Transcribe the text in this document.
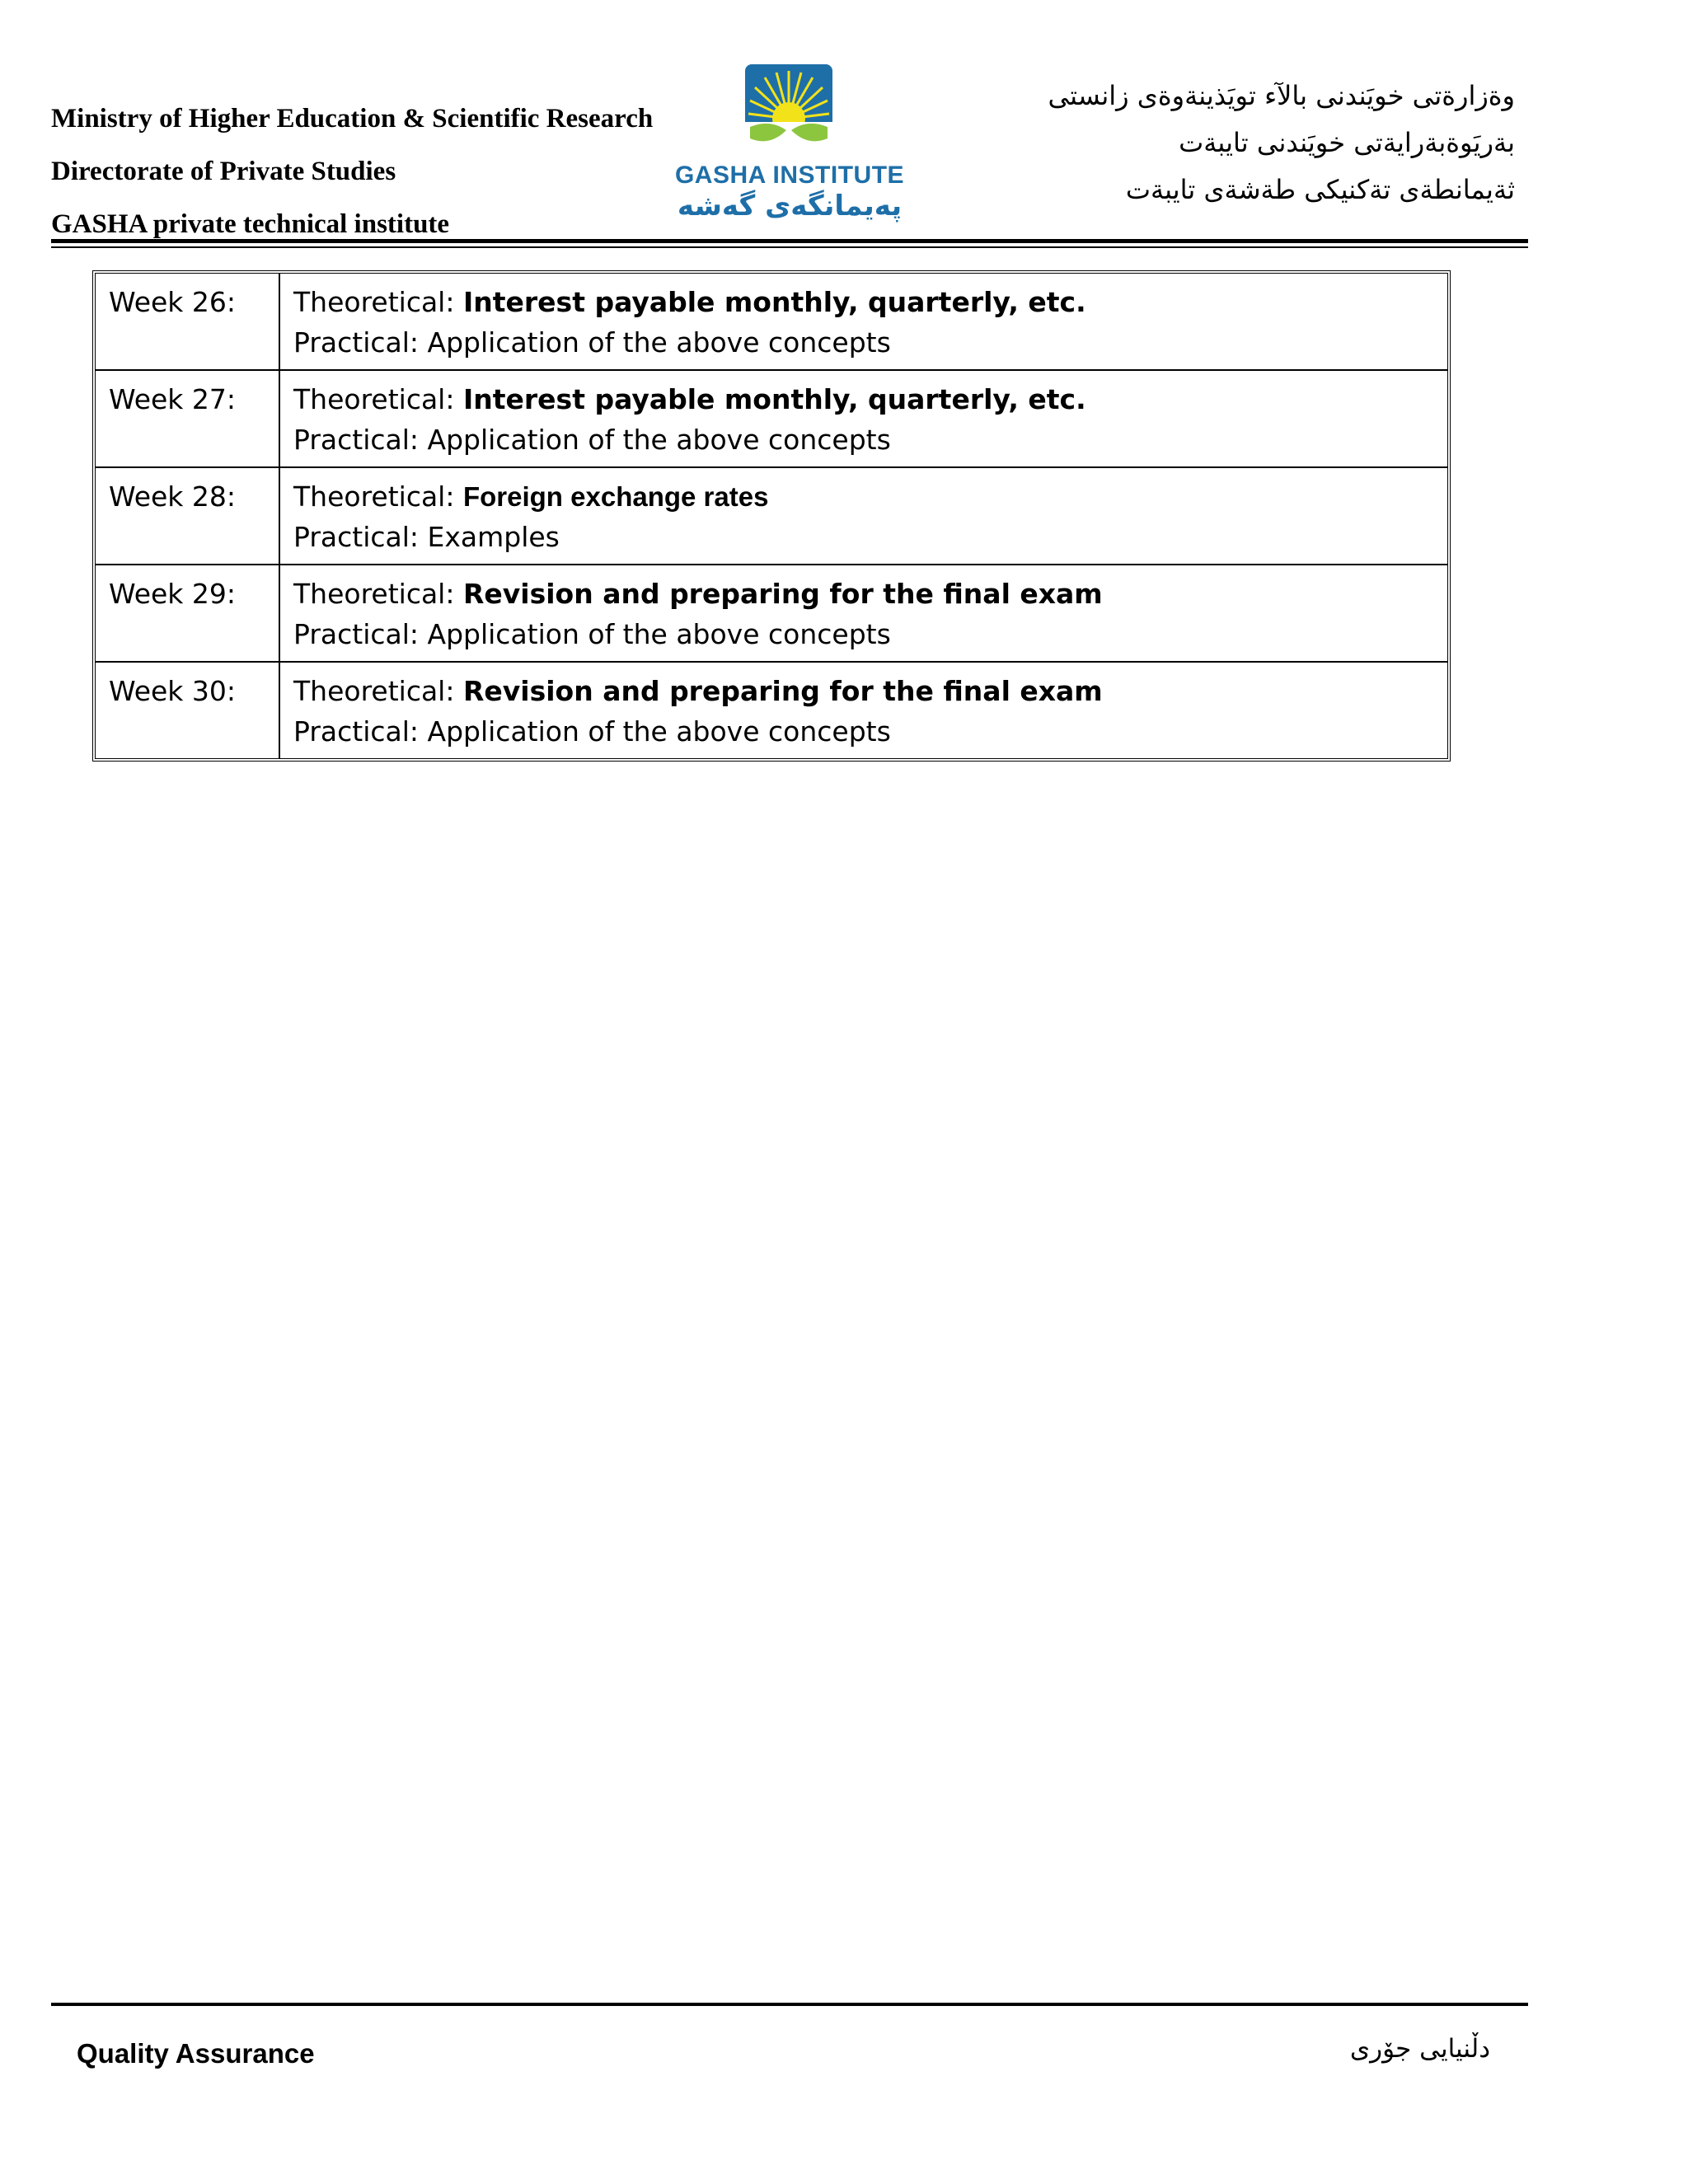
Ministry of Higher Education & Scientific Research
Directorate of Private Studies
GASHA private technical institute
GASHA INSTITUTE
پەیمانگەی گەشە
وةزارةتى خويَندنى بالآء تويَذينةوةى زانستى
بةريَوةبةرايةتى خويَندنى تايبةت
ثةيمانطةى تةكنيكى طةشةى تايبةت
Week 26:	Theoretical: Interest payable monthly, quarterly, etc.
Practical: Application of the above concepts

Week 27:	Theoretical: Interest payable monthly, quarterly, etc.
Practical: Application of the above concepts

Week 28:	Theoretical: Foreign exchange rates
Practical: Examples

Week 29:	Theoretical: Revision and preparing for the final exam
Practical: Application of the above concepts

Week 30:	Theoretical: Revision and preparing for the final exam
Practical: Application of the above concepts
Quality Assurance	دڵنیایی جۆری
